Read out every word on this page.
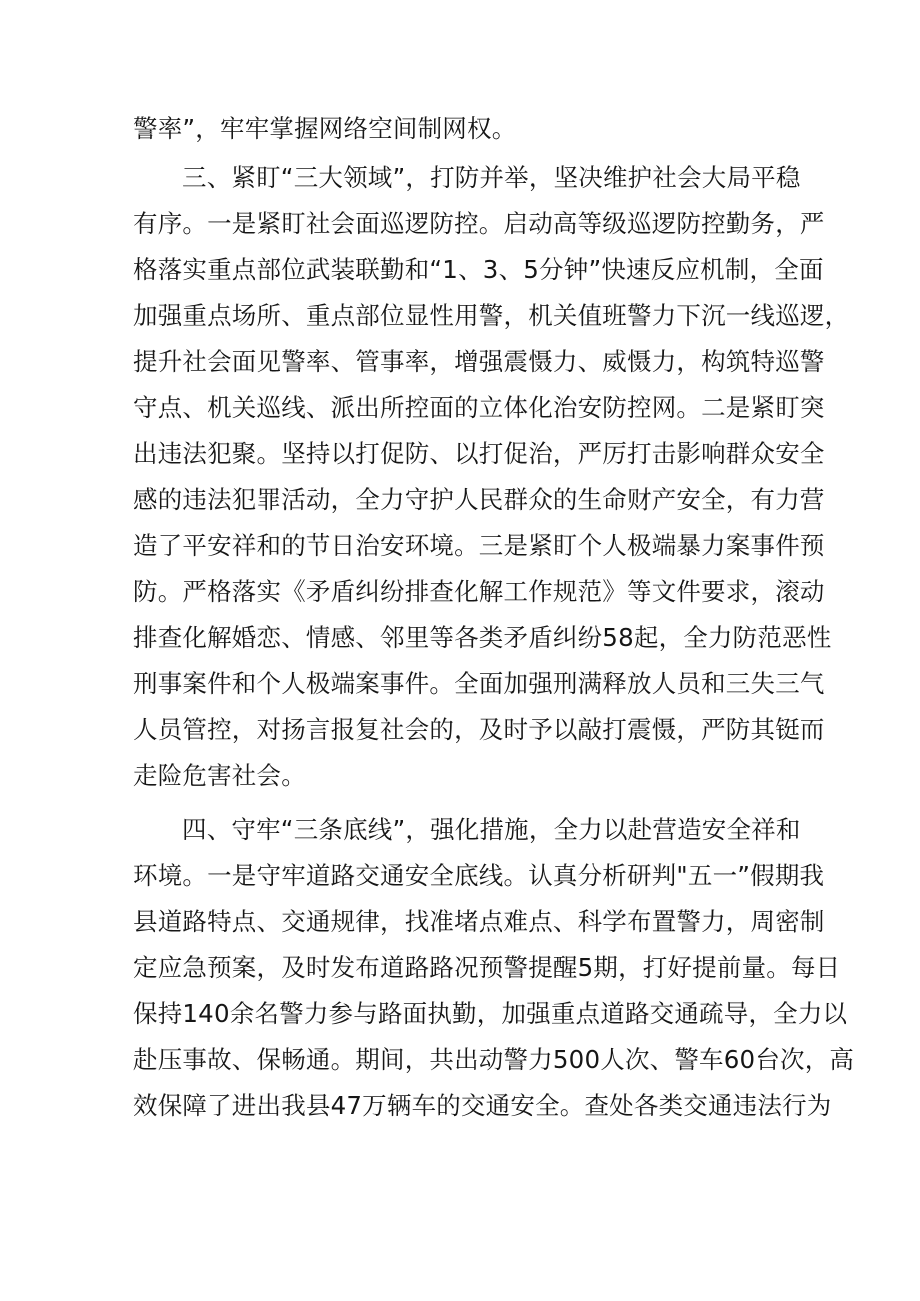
警率”，牢牢掌握网络空间制网权。
三、紧盯“三大领域”，打防并举，坚决维护社会大局平稳
有序。一是紧盯社会面巡逻防控。启动高等级巡逻防控勤务，严
格落实重点部位武装联勤和“1、3、5分钟”快速反应机制，全面
加强重点场所、重点部位显性用警，机关值班警力下沉一线巡逻，
提升社会面见警率、管事率，增强震慑力、威慑力，构筑特巡警
守点、机关巡线、派出所控面的立体化治安防控网。二是紧盯突
出违法犯聚。坚持以打促防、以打促治，严厉打击影响群众安全
感的违法犯罪活动，全力守护人民群众的生命财产安全，有力营
造了平安祥和的节日治安环境。三是紧盯个人极端暴力案事件预
防。严格落实《矛盾纠纷排查化解工作规范》等文件要求，滚动
排查化解婚恋、情感、邻里等各类矛盾纠纷58起，全力防范恶性
刑事案件和个人极端案事件。全面加强刑满释放人员和三失三气
人员管控，对扬言报复社会的，及时予以敲打震慑，严防其铤而
走险危害社会。
四、守牢“三条底线”，强化措施，全力以赴营造安全祥和
环境。一是守牢道路交通安全底线。认真分析研判"五一”假期我
县道路特点、交通规律，找准堵点难点、科学布置警力，周密制
定应急预案，及时发布道路路况预警提醒5期，打好提前量。每日
保持140余名警力参与路面执勤，加强重点道路交通疏导，全力以
赴压事故、保畅通。期间，共出动警力500人次、警车60台次，高
效保障了进出我县47万辆车的交通安全。查处各类交通违法行为
